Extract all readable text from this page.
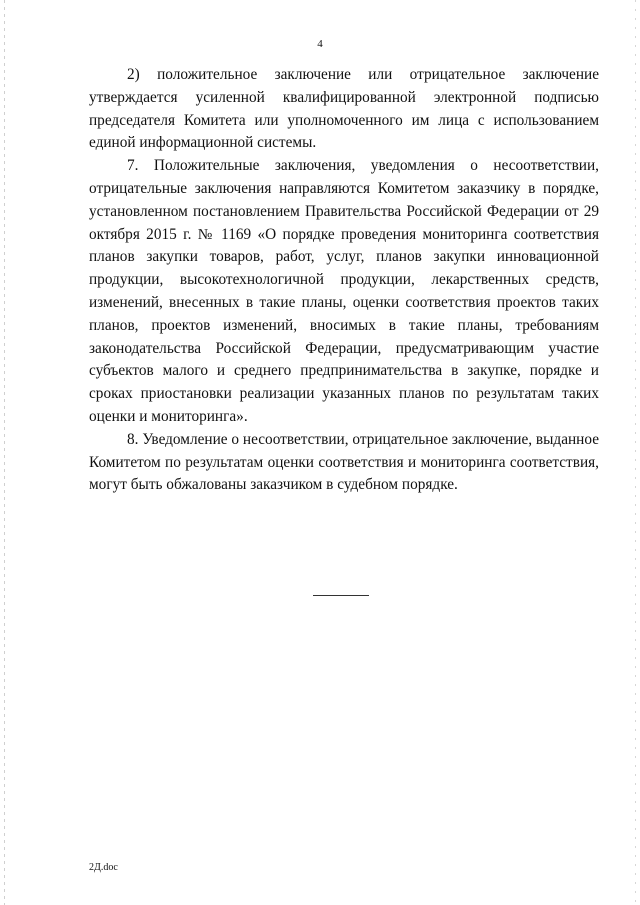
4

2) положительное заключение или отрицательное заключение утверждается усиленной квалифицированной электронной подписью председателя Комитета или уполномоченного им лица с использованием единой информационной системы.

7. Положительные заключения, уведомления о несоответствии, отрицательные заключения направляются Комитетом заказчику в порядке, установленном постановлением Правительства Российской Федерации от 29 октября 2015 г. № 1169 «О порядке проведения мониторинга соответствия планов закупки товаров, работ, услуг, планов закупки инновационной продукции, высокотехнологичной продукции, лекарственных средств, изменений, внесенных в такие планы, оценки соответствия проектов таких планов, проектов изменений, вносимых в такие планы, требованиям законодательства Российской Федерации, предусматривающим участие субъектов малого и среднего предпринимательства в закупке, порядке и сроках приостановки реализации указанных планов по результатам таких оценки и мониторинга».

8. Уведомление о несоответствии, отрицательное заключение, выданное Комитетом по результатам оценки соответствия и мониторинга соответствия, могут быть обжалованы заказчиком в судебном порядке.

2Д.doc
